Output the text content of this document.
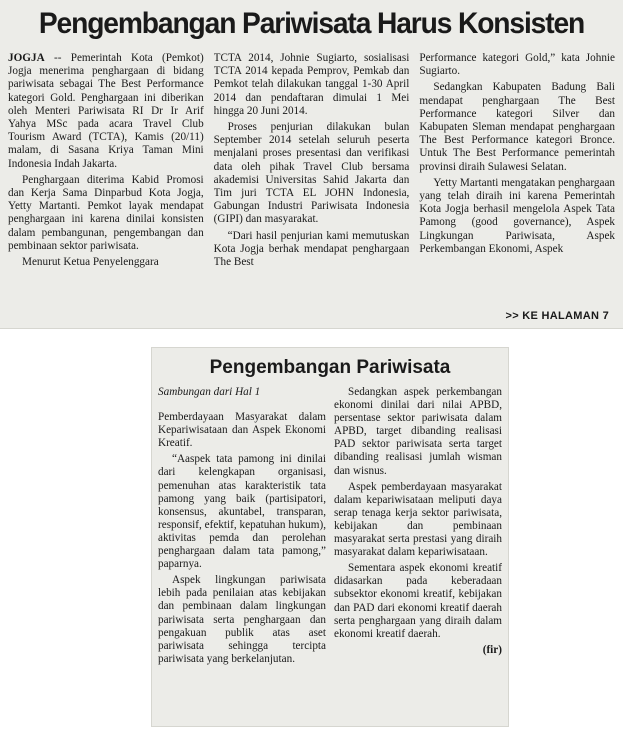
Pengembangan Pariwisata Harus Konsisten

JOGJA -- Pemerintah Kota (Pemkot) Jogja menerima penghargaan di bidang pariwisata sebagai The Best Performance kategori Gold. Penghargaan ini diberikan oleh Menteri Pariwisata RI Dr Ir Arif Yahya MSc pada acara Travel Club Tourism Award (TCTA), Kamis (20/11) malam, di Sasana Kriya Taman Mini Indonesia Indah Jakarta.

Penghargaan diterima Kabid Promosi dan Kerja Sama Dinparbud Kota Jogja, Yetty Martanti. Pemkot layak mendapat penghargaan ini karena dinilai konsisten dalam pembangunan, pengembangan dan pembinaan sektor pariwisata.

Menurut Ketua Penyelenggara

TCTA 2014, Johnie Sugiarto, sosialisasi TCTA 2014 kepada Pemprov, Pemkab dan Pemkot telah dilakukan tanggal 1-30 April 2014 dan pendaftaran dimulai 1 Mei hingga 20 Juni 2014.

Proses penjurian dilakukan bulan September 2014 setelah seluruh peserta menjalani proses presentasi dan verifikasi data oleh pihak Travel Club bersama akademisi Universitas Sahid Jakarta dan Tim juri TCTA EL JOHN Indonesia, Gabungan Industri Pariwisata Indonesia (GIPI) dan masyarakat.

“Dari hasil penjurian kami memutuskan Kota Jogja berhak mendapat penghargaan The Best

Performance kategori Gold,” kata Johnie Sugiarto.

Sedangkan Kabupaten Badung Bali mendapat penghargaan The Best Performance kategori Silver dan Kabupaten Sleman mendapat penghargaan The Best Performance kategori Bronce. Untuk The Best Performance pemerintah provinsi diraih Sulawesi Selatan.

Yetty Martanti mengatakan penghargaan yang telah diraih ini karena Pemerintah Kota Jogja berhasil mengelola Aspek Tata Pamong (good governance), Aspek Lingkungan Pariwisata, Aspek Perkembangan Ekonomi, Aspek

>> KE HALAMAN 7
Pengembangan Pariwisata
Sambungan dari Hal 1

Pemberdayaan Masyarakat dalam Kepariwisataan dan Aspek Ekonomi Kreatif.

“Aaspek tata pamong ini dinilai dari kelengkapan organisasi, pemenuhan atas karakteristik tata pamong yang baik (partisipatori, konsensus, akuntabel, transparan, responsif, efektif, kepatuhan hukum), aktivitas pemda dan perolehan penghargaan dalam tata pamong,” paparnya.

Aspek lingkungan pariwisata lebih pada penilaian atas kebijakan dan pembinaan dalam lingkungan pariwisata serta penghargaan dan pengakuan publik atas aset pariwisata sehingga tercipta pariwisata yang berkelanjutan.

Sedangkan aspek perkembangan ekonomi dinilai dari nilai APBD, persentase sektor pariwisata dalam APBD, target dibanding realisasi PAD sektor pariwisata serta target dibanding realisasi jumlah wisman dan wisnus.

Aspek pemberdayaan masyarakat dalam kepariwisataan meliputi daya serap tenaga kerja sektor pariwisata, kebijakan dan pembinaan masyarakat serta prestasi yang diraih masyarakat dalam kepariwisataan.

Sementara aspek ekonomi kreatif didasarkan pada keberadaan subsektor ekonomi kreatif, kebijakan dan PAD dari ekonomi kreatif daerah serta penghargaan yang diraih dalam ekonomi kreatif daerah.

(fir)
